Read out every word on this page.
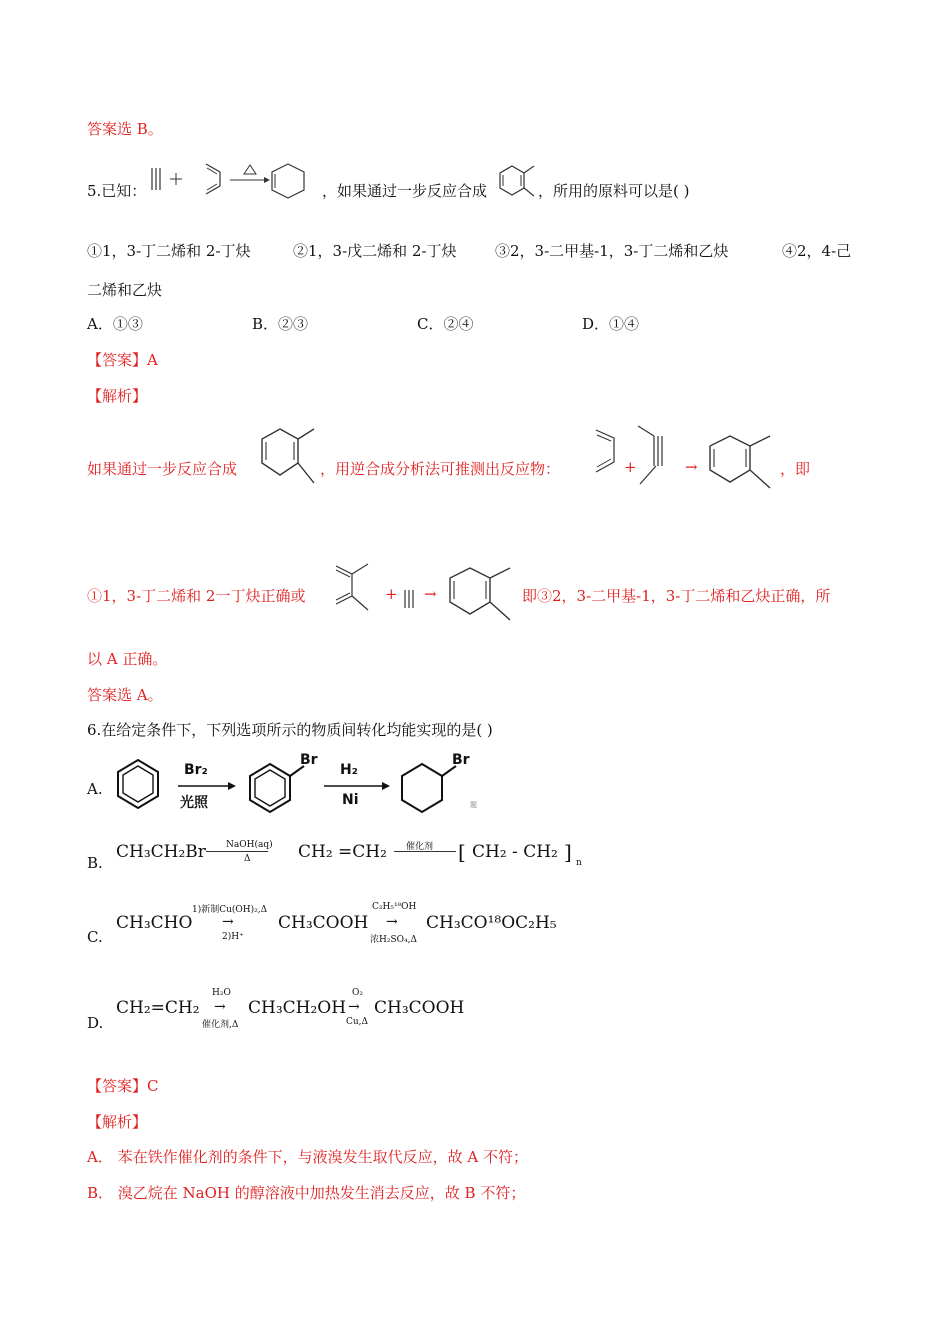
答案选 B。
5.已知：	，如果通过一步反应合成	，所用的原料可以是( )
①1，3-丁二烯和 2-丁炔	②1，3-戊二烯和 2-丁炔	③2，3-二甲基-1，3-丁二烯和乙炔	④2，4-己
二烯和乙炔
A．①③	B．②③	C．②④	D．①④
【答案】A
【解析】
如果通过一步反应合成	，用逆合成分析法可推测出反应物：	+	→	，即
①1，3-丁二烯和 2一丁炔正确或	+ →	即③2，3-二甲基-1，3-丁二烯和乙炔正确，所
以 A 正确。
答案选 A。
6.在给定条件下，下列选项所示的物质间转化均能实现的是( )
A.
Br₂
光照
Br
H₂
Ni
Br
题
B.
CH₃CH₂Br NaOH(aq)
Δ	CH₂ =CH₂ 催化剂 [ CH₂ - CH₂ ] n
C.
CH₃CHO
1)新制Cu(OH)₂,Δ
→
2)H⁺
CH₃COOH
C₂H₅¹⁸OH
→
浓H₂SO₄,Δ
CH₃CO¹⁸OC₂H₅
D.
CH₂=CH₂
H₂O
→
催化剂,Δ
CH₃CH₂OH
O₂
→
Cu,Δ
CH₃COOH
【答案】C
【解析】
A． 苯在铁作催化剂的条件下，与液溴发生取代反应，故 A 不符；
B． 溴乙烷在 NaOH 的醇溶液中加热发生消去反应，故 B 不符；
